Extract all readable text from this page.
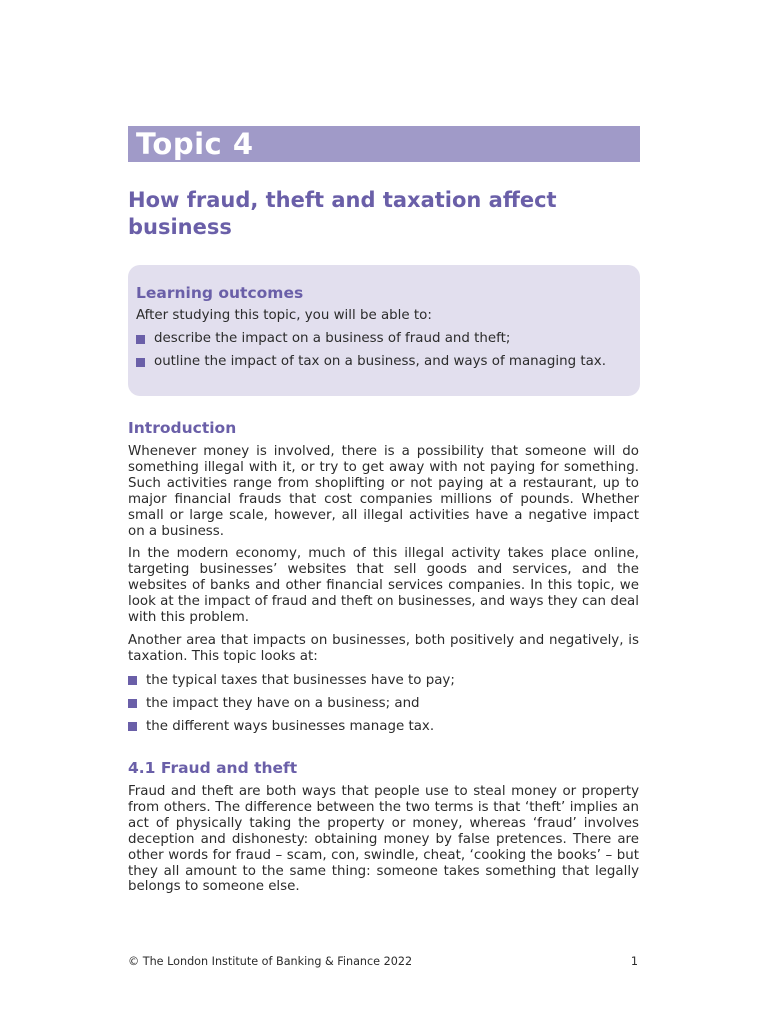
Topic 4
How fraud, theft and taxation affect business
Learning outcomes

After studying this topic, you will be able to:

describe the impact on a business of fraud and theft;
outline the impact of tax on a business, and ways of managing tax.
Introduction

Whenever money is involved, there is a possibility that someone will do something illegal with it, or try to get away with not paying for something. Such activities range from shoplifting or not paying at a restaurant, up to major financial frauds that cost companies millions of pounds. Whether small or large scale, however, all illegal activities have a negative impact on a business.

In the modern economy, much of this illegal activity takes place online, targeting businesses’ websites that sell goods and services, and the websites of banks and other financial services companies. In this topic, we look at the impact of fraud and theft on businesses, and ways they can deal with this problem.

Another area that impacts on businesses, both positively and negatively, is taxation. This topic looks at:

the typical taxes that businesses have to pay;
the impact they have on a business; and
the different ways businesses manage tax.
4.1 Fraud and theft

Fraud and theft are both ways that people use to steal money or property from others. The difference between the two terms is that ‘theft’ implies an act of physically taking the property or money, whereas ‘fraud’ involves deception and dishonesty: obtaining money by false pretences. There are other words for fraud – scam, con, swindle, cheat, ‘cooking the books’ – but they all amount to the same thing: someone takes something that legally belongs to someone else.

© The London Institute of Banking & Finance 2022	1
